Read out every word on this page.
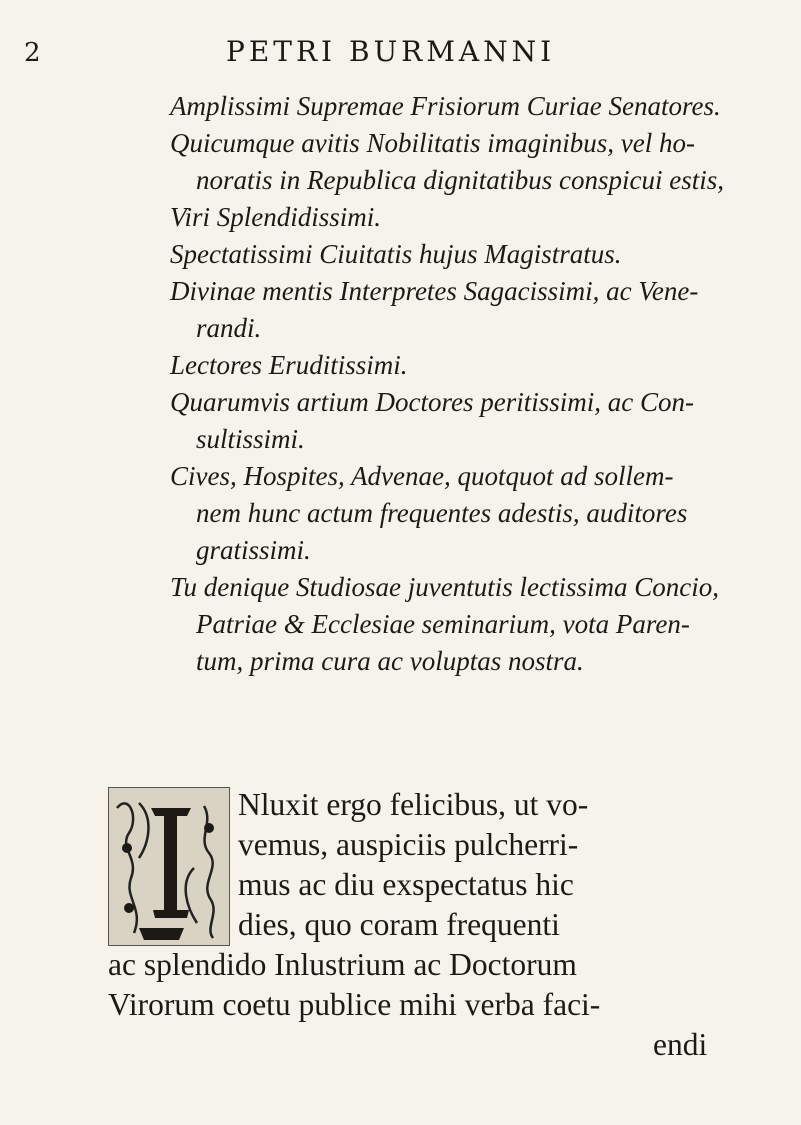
2	PETRI BURMANNI
Amplissimi Supremae Frisiorum Curiae Senatores.
Quicumque avitis Nobilitatis imaginibus, vel ho-
noratis in Republica dignitatibus conspicui estis,
Viri Splendidissimi.
Spectatissimi Ciuitatis hujus Magistratus.
Divinae mentis Interpretes Sagacissimi, ac Vene-
randi.
Lectores Eruditissimi.
Quarumvis artium Doctores peritissimi, ac Con-
sultissimi.
Cives, Hospites, Advenae, quotquot ad sollem-
nem hunc actum frequentes adestis, auditores
gratissimi.
Tu denique Studiosae juventutis lectissima Concio,
Patriae & Ecclesiae seminarium, vota Paren-
tum, prima cura ac voluptas nostra.
Nluxit ergo felicibus, ut vo-
vemus, auspiciis pulcherri-
mus ac diu exspectatus hic
dies, quo coram frequenti
ac splendido Inlustrium ac Doctorum
Virorum coetu publice mihi verba faci-
endi
